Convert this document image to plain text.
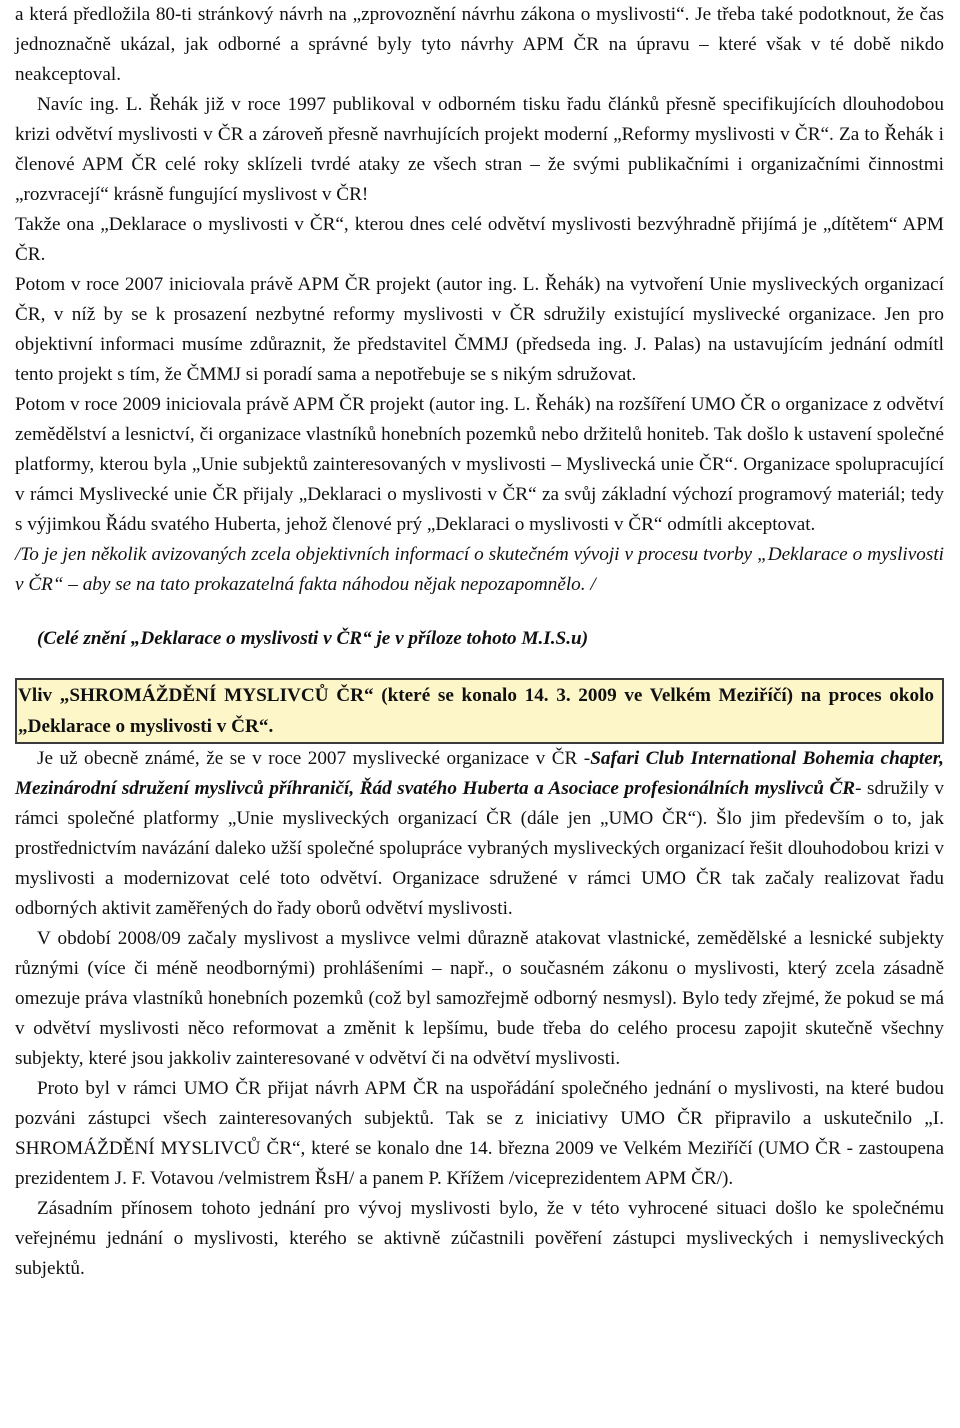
a která předložila 80-ti stránkový návrh na „zprovoznění návrhu zákona o myslivosti“. Je třeba také podotknout, že čas jednoznačně ukázal, jak odborné a správné byly tyto návrhy APM ČR na úpravu – které však v té době nikdo neakceptoval.

Navíc ing. L. Řehák již v roce 1997 publikoval v odborném tisku řadu článků přesně specifikujících dlouhodobou krizi odvětví myslivosti v ČR a zároveň přesně navrhujících projekt moderní „Reformy myslivosti v ČR“. Za to Řehák i členové APM ČR celé roky sklízeli tvrdé ataky ze všech stran – že svými publikačními i organizačními činnostmi „rozvracejí“ krásně fungující myslivost v ČR!

Takže ona „Deklarace o myslivosti v ČR“, kterou dnes celé odvětví myslivosti bezvýhradně přijímá je „dítětem“ APM ČR.

Potom v roce 2007 iniciovala právě APM ČR projekt (autor ing. L. Řehák) na vytvoření Unie mysliveckých organizací ČR, v níž by se k prosazení nezbytné reformy myslivosti v ČR sdružily existující myslivecké organizace. Jen pro objektivní informaci musíme zdůraznit, že představitel ČMMJ (předseda ing. J. Palas) na ustavujícím jednání odmítl tento projekt s tím, že ČMMJ si poradí sama a nepotřebuje se s nikým sdružovat.

Potom v roce 2009 iniciovala právě APM ČR projekt (autor ing. L. Řehák) na rozšíření UMO ČR o organizace z odvětví zemědělství a lesnictví, či organizace vlastníků honebních pozemků nebo držitelů honiteb. Tak došlo k ustavení společné platformy, kterou byla „Unie subjektů zainteresovaných v myslivosti – Myslivecká unie ČR“. Organizace spolupracující v rámci Myslivecké unie ČR přijaly „Deklaraci o myslivosti v ČR“ za svůj základní výchozí programový materiál; tedy s výjimkou Řádu svatého Huberta, jehož členové prý „Deklaraci o myslivosti v ČR“ odmítli akceptovat.

/To je jen několik avizovaných zcela objektivních informací o skutečném vývoji v procesu tvorby „Deklarace o myslivosti v ČR“ – aby se na tato prokazatelná fakta náhodou nějak nepozapomnělo. /

(Celé znění „Deklarace o myslivosti v ČR“ je v příloze tohoto M.I.S.u)

Vliv „SHROMÁŽDĚNÍ MYSLIVCŮ ČR“ (které se konalo 14. 3. 2009 ve Velkém Meziříčí) na proces okolo „Deklarace o myslivosti v ČR“.

Je už obecně známé, že se v roce 2007 myslivecké organizace v ČR -Safari Club International Bohemia chapter, Mezinárodní sdružení myslivců příhraničí, Řád svatého Huberta a Asociace profesionálních myslivců ČR- sdružily v rámci společné platformy „Unie mysliveckých organizací ČR (dále jen „UMO ČR“). Šlo jim především o to, jak prostřednictvím navázání daleko užší společné spolupráce vybraných mysliveckých organizací řešit dlouhodobou krizi v myslivosti a modernizovat celé toto odvětví. Organizace sdružené v rámci UMO ČR tak začaly realizovat řadu odborných aktivit zaměřených do řady oborů odvětví myslivosti.

V období 2008/09 začaly myslivost a myslivce velmi důrazně atakovat vlastnické, zemědělské a lesnické subjekty různými (více či méně neodbornými) prohlášeními – např., o současném zákonu o myslivosti, který zcela zásadně omezuje práva vlastníků honebních pozemků (což byl samozřejmě odborný nesmysl). Bylo tedy zřejmé, že pokud se má v odvětví myslivosti něco reformovat a změnit k lepšímu, bude třeba do celého procesu zapojit skutečně všechny subjekty, které jsou jakkoliv zainteresované v odvětví či na odvětví myslivosti.

Proto byl v rámci UMO ČR přijat návrh APM ČR na uspořádání společného jednání o myslivosti, na které budou pozváni zástupci všech zainteresovaných subjektů. Tak se z iniciativy UMO ČR připravilo a uskutečnilo „I. SHROMÁŽDĚNÍ MYSLIVCŮ ČR“, které se konalo dne 14. března 2009 ve Velkém Meziříčí (UMO ČR - zastoupena prezidentem J. F. Votavou /velmistrem ŘsH/ a panem P. Křížem /viceprezidentem APM ČR/).

Zásadním přínosem tohoto jednání pro vývoj myslivosti bylo, že v této vyhrocené situaci došlo ke společnému veřejnému jednání o myslivosti, kterého se aktivně zúčastnili pověření zástupci mysliveckých i nemysliveckých subjektů.
